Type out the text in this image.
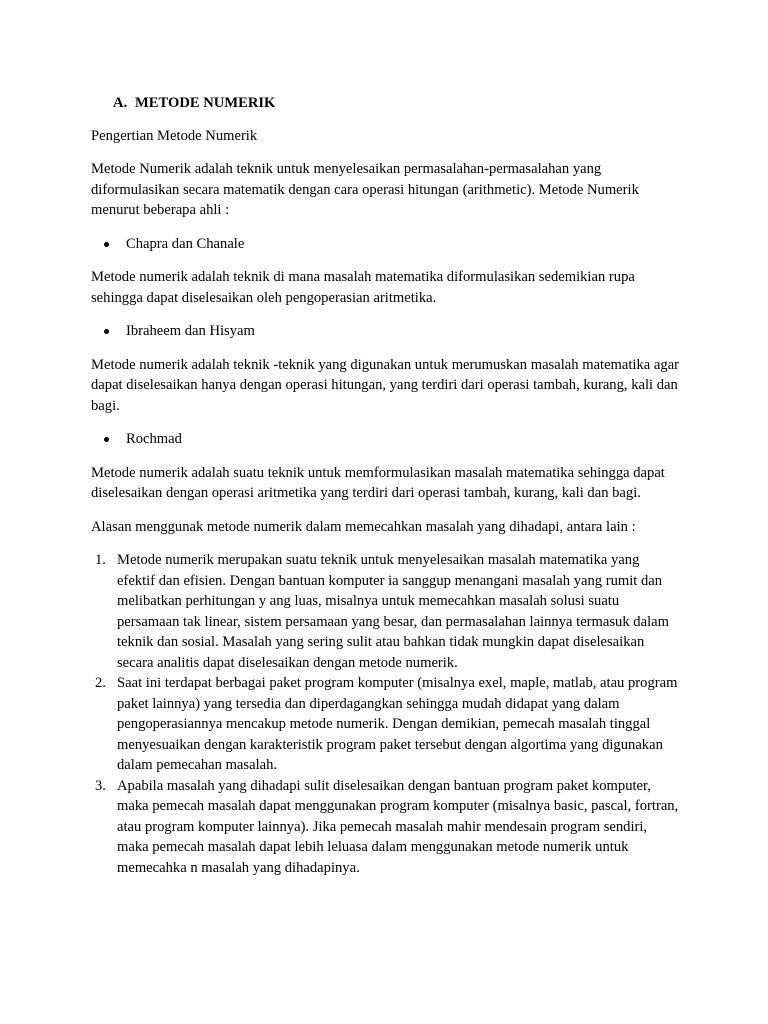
A. METODE NUMERIK

Pengertian Metode Numerik

Metode Numerik adalah teknik untuk menyelesaikan permasalahan-permasalahan yang diformulasikan secara matematik dengan cara operasi hitungan (arithmetic). Metode Numerik menurut beberapa ahli :

Chapra dan Chanale

Metode numerik adalah teknik di mana masalah matematika diformulasikan sedemikian rupa sehingga dapat diselesaikan oleh pengoperasian aritmetika.

Ibraheem dan Hisyam

Metode numerik adalah teknik -teknik yang digunakan untuk merumuskan masalah matematika agar dapat diselesaikan hanya dengan operasi hitungan, yang terdiri dari operasi tambah, kurang, kali dan bagi.

Rochmad

Metode numerik adalah suatu teknik untuk memformulasikan masalah matematika sehingga dapat diselesaikan dengan operasi aritmetika yang terdiri dari operasi tambah, kurang, kali dan bagi.

Alasan menggunak metode numerik dalam memecahkan masalah yang dihadapi, antara lain :

1. Metode numerik merupakan suatu teknik untuk menyelesaikan masalah matematika yang efektif dan efisien. Dengan bantuan komputer ia sanggup menangani masalah yang rumit dan melibatkan perhitungan y ang luas, misalnya untuk memecahkan masalah solusi suatu persamaan tak linear, sistem persamaan yang besar, dan permasalahan lainnya termasuk dalam teknik dan sosial. Masalah yang sering sulit atau bahkan tidak mungkin dapat diselesaikan secara analitis dapat diselesaikan dengan metode numerik.
2. Saat ini terdapat berbagai paket program komputer (misalnya exel, maple, matlab, atau program paket lainnya) yang tersedia dan diperdagangkan sehingga mudah didapat yang dalam pengoperasiannya mencakup metode numerik. Dengan demikian, pemecah masalah tinggal menyesuaikan dengan karakteristik program paket tersebut dengan algortima yang digunakan dalam pemecahan masalah.
3. Apabila masalah yang dihadapi sulit diselesaikan dengan bantuan program paket komputer, maka pemecah masalah dapat menggunakan program komputer (misalnya basic, pascal, fortran, atau program komputer lainnya). Jika pemecah masalah mahir mendesain program sendiri, maka pemecah masalah dapat lebih leluasa dalam menggunakan metode numerik untuk memecahka n masalah yang dihadapinya.
